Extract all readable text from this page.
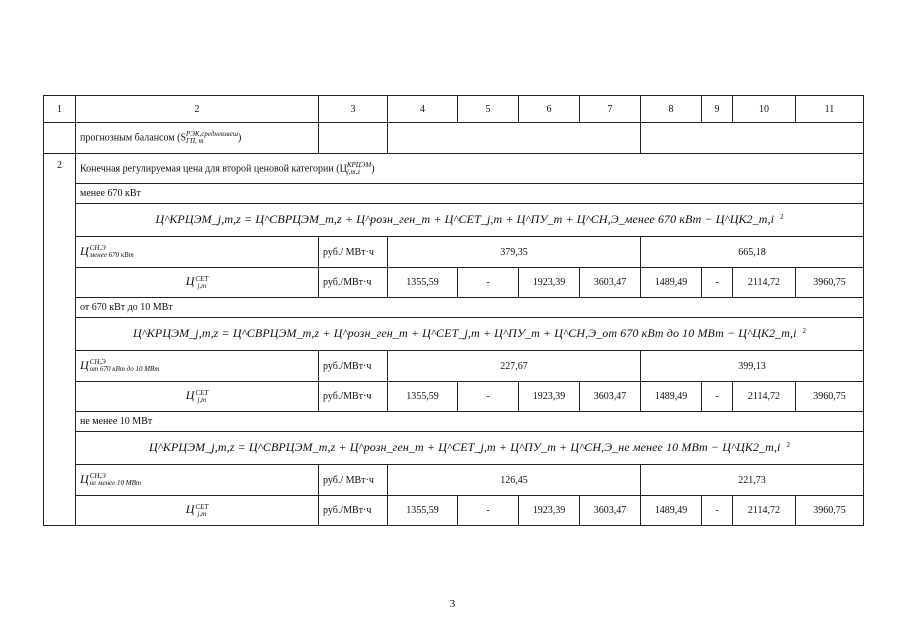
1	2	3	4	5	6	7	8	9	10	11
	прогнозным балансом (S РЭК,средневзвеш
ГП, m )									
2	Конечная регулируемая цена для второй ценовой категории (Ц КРЦЭМ
j,m,z )									
	менее 670 кВт									
	Ц^КРЦЭМ_j,m,z = Ц^СВРЦЭМ_m,z + Ц^розн_ген_m + Ц^СЕТ_j,m + Ц^ПУ_m + Ц^СН,Э_менее 670 кВт − Ц^ЦК2_m,i $^2$
	Ц СН,Э
менее 670 кВт	руб./ МВт·ч	379,35				665,18			
	Ц СЕТ
j,m	руб./МВт·ч	1355,59	-	1923,39	3603,47	1489,49	-	2114,72	3960,75
	от 670 кВт до 10 МВт									
	Ц^КРЦЭМ_j,m,z = Ц^СВРЦЭМ_m,z + Ц^розн_ген_m + Ц^СЕТ_j,m + Ц^ПУ_m + Ц^СН,Э_от 670 кВт до 10 МВт − Ц^ЦК2_m,i $^2$
	Ц СН,Э
от 670 кВт до 10 МВт	руб./МВт·ч	227,67				399,13			
	Ц СЕТ
j,m	руб./МВт·ч	1355,59	-	1923,39	3603,47	1489,49	-	2114,72	3960,75
	не менее 10 МВт									
	Ц^КРЦЭМ_j,m,z = Ц^СВРЦЭМ_m,z + Ц^розн_ген_m + Ц^СЕТ_j,m + Ц^ПУ_m + Ц^СН,Э_не менее 10 МВт − Ц^ЦК2_m,i $^2$
	Ц СН,Э
не менее 10 МВт	руб./ МВт·ч	126,45				221,73			
	Ц СЕТ
j,m	руб./МВт·ч	1355,59	-	1923,39	3603,47	1489,49	-	2114,72	3960,75
3
